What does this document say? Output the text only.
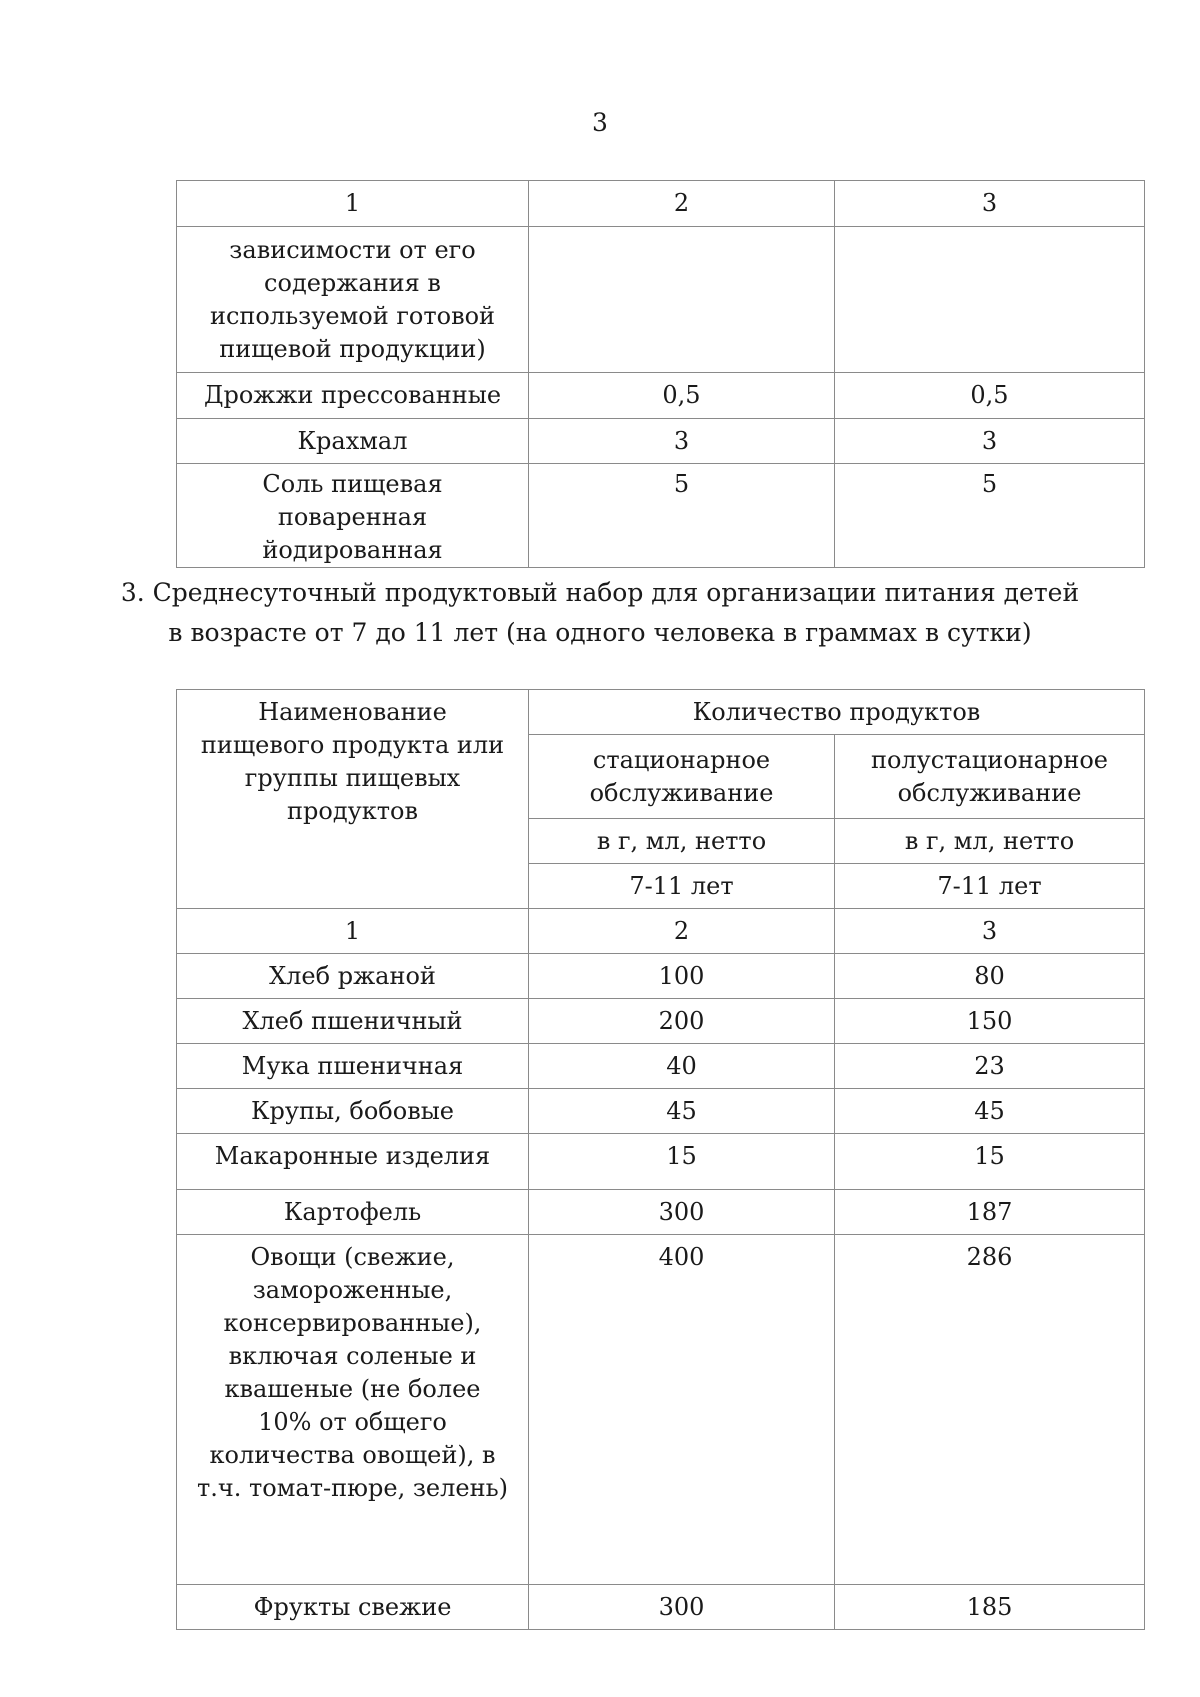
3
1	2	3
зависимости от его содержания в используемой готовой пищевой продукции)		
Дрожжи прессованные	0,5	0,5
Крахмал	3	3
Соль пищевая поваренная йодированная	5	5
3. Среднесуточный продуктовый набор для организации питания детей
в возрасте от 7 до 11 лет (на одного человека в граммах в сутки)
Наименование пищевого продукта или группы пищевых продуктов	Количество продуктов	
	стационарное обслуживание	полустационарное обслуживание
	в г, мл, нетто	в г, мл, нетто
	7-11 лет	7-11 лет
1	2	3
Хлеб ржаной	100	80
Хлеб пшеничный	200	150
Мука пшеничная	40	23
Крупы, бобовые	45	45
Макаронные изделия	15	15
Картофель	300	187
Овощи (свежие, замороженные, консервированные), включая соленые и квашеные (не более 10% от общего количества овощей), в т.ч. томат-пюре, зелень)	400	286
Фрукты свежие	300	185
